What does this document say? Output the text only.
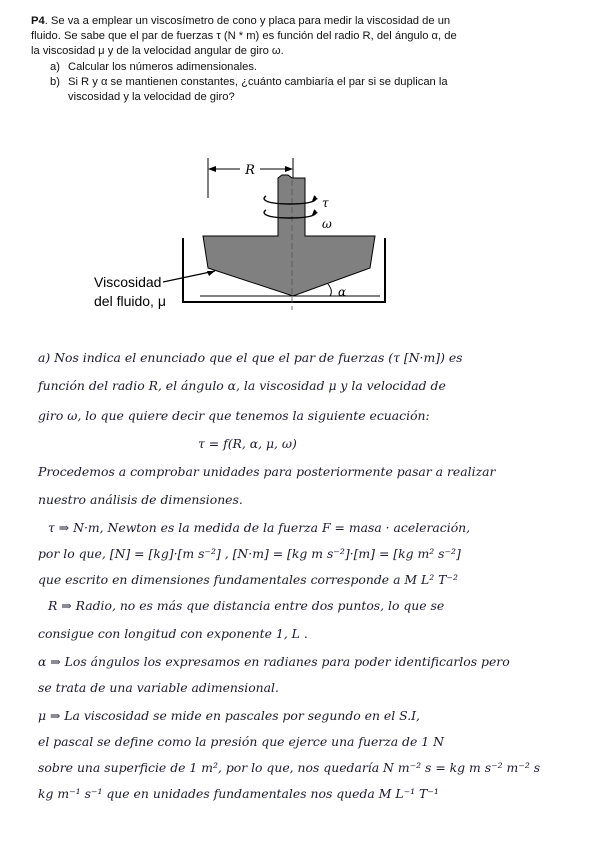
P4. Se va a emplear un viscosímetro de cono y placa para medir la viscosidad de un
fluido. Se sabe que el par de fuerzas τ (N * m) es función del radio R, del ángulo α, de
la viscosidad μ y de la velocidad angular de giro ω.

a) Calcular los números adimensionales.
b) Si R y α se mantienen constantes, ¿cuánto cambiaría el par si se duplican la
viscosidad y la velocidad de giro?
R
τ
ω
α
Viscosidad
del fluido, μ
a) Nos indica el enunciado que el que el par de fuerzas (τ [N·m]) es
función del radio R, el ángulo α, la viscosidad μ y la velocidad de
giro ω, lo que quiere decir que tenemos la siguiente ecuación:
τ = f(R, α, μ, ω)
Procedemos a comprobar unidades para posteriormente pasar a realizar
nuestro análisis de dimensiones.
τ ⇒ N·m, Newton es la medida de la fuerza F = masa · aceleración,
por lo que, [N] = [kg]·[m s⁻²] , [N·m] = [kg m s⁻²]·[m] = [kg m² s⁻²]
que escrito en dimensiones fundamentales corresponde a M L² T⁻²
R ⇒ Radio, no es más que distancia entre dos puntos, lo que se
consigue con longitud con exponente 1, L .
α ⇒ Los ángulos los expresamos en radianes para poder identificarlos pero
se trata de una variable adimensional.
μ ⇒ La viscosidad se mide en pascales por segundo en el S.I,
el pascal se define como la presión que ejerce una fuerza de 1 N
sobre una superficie de 1 m², por lo que, nos quedaría N m⁻² s = kg m s⁻² m⁻² s
kg m⁻¹ s⁻¹ que en unidades fundamentales nos queda M L⁻¹ T⁻¹
